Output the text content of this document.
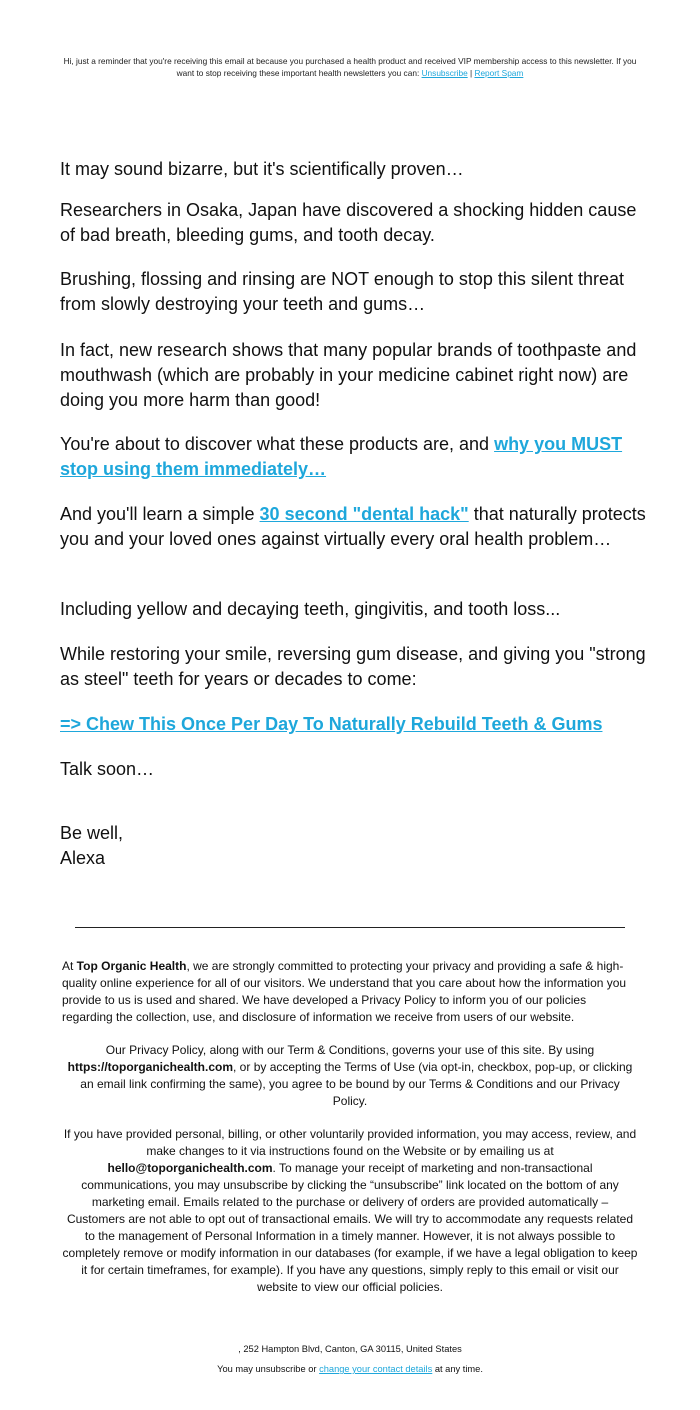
Hi, just a reminder that you're receiving this email at because you purchased a health product and received VIP membership access to this newsletter. If you want to stop receiving these important health newsletters you can: Unsubscribe | Report Spam

It may sound bizarre, but it's scientifically proven…

Researchers in Osaka, Japan have discovered a shocking hidden cause of bad breath, bleeding gums, and tooth decay.

Brushing, flossing and rinsing are NOT enough to stop this silent threat from slowly destroying your teeth and gums…

In fact, new research shows that many popular brands of toothpaste and mouthwash (which are probably in your medicine cabinet right now) are doing you more harm than good!

You're about to discover what these products are, and why you MUST stop using them immediately…

And you'll learn a simple 30 second "dental hack" that naturally protects you and your loved ones against virtually every oral health problem…

Including yellow and decaying teeth, gingivitis, and tooth loss...

While restoring your smile, reversing gum disease, and giving you "strong as steel" teeth for years or decades to come:

=> Chew This Once Per Day To Naturally Rebuild Teeth & Gums

Talk soon…

Be well,

Alexa

At Top Organic Health, we are strongly committed to protecting your privacy and providing a safe & high-quality online experience for all of our visitors. We understand that you care about how the information you provide to us is used and shared. We have developed a Privacy Policy to inform you of our policies regarding the collection, use, and disclosure of information we receive from users of our website.

Our Privacy Policy, along with our Term & Conditions, governs your use of this site. By using https://toporganichealth.com, or by accepting the Terms of Use (via opt-in, checkbox, pop-up, or clicking an email link confirming the same), you agree to be bound by our Terms & Conditions and our Privacy Policy.

If you have provided personal, billing, or other voluntarily provided information, you may access, review, and make changes to it via instructions found on the Website or by emailing us at hello@toporganichealth.com. To manage your receipt of marketing and non-transactional communications, you may unsubscribe by clicking the “unsubscribe” link located on the bottom of any marketing email. Emails related to the purchase or delivery of orders are provided automatically – Customers are not able to opt out of transactional emails. We will try to accommodate any requests related to the management of Personal Information in a timely manner. However, it is not always possible to completely remove or modify information in our databases (for example, if we have a legal obligation to keep it for certain timeframes, for example). If you have any questions, simply reply to this email or visit our website to view our official policies.

, 252 Hampton Blvd, Canton, GA 30115, United States
You may unsubscribe or change your contact details at any time.
